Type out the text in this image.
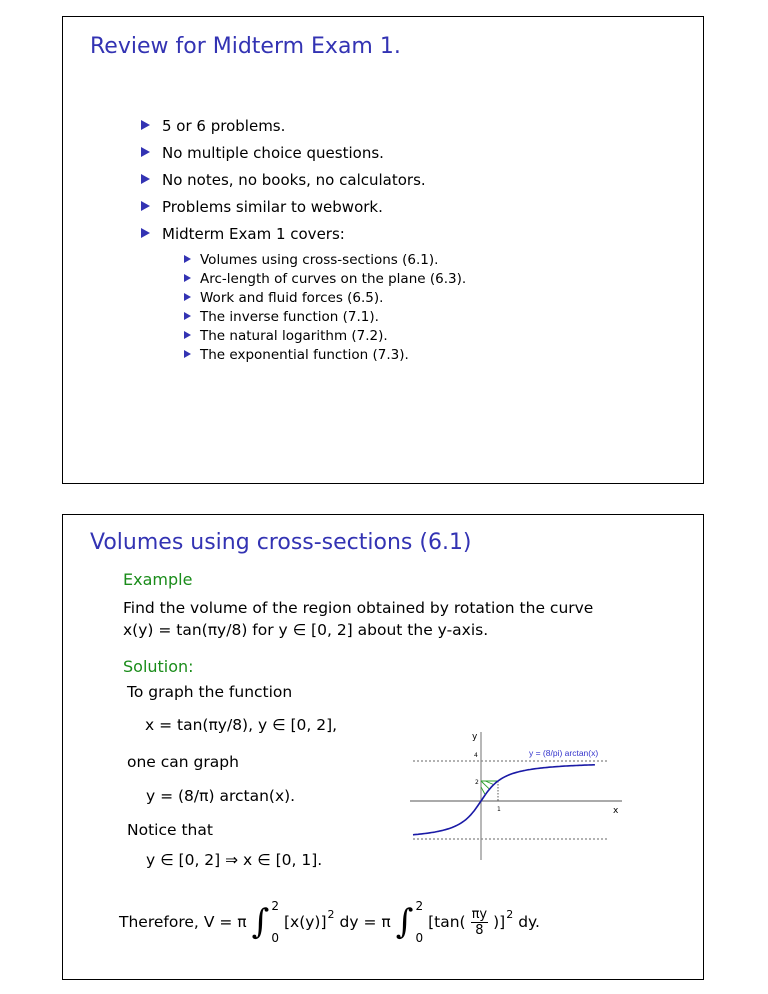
Review for Midterm Exam 1.
5 or 6 problems.
No multiple choice questions.
No notes, no books, no calculators.
Problems similar to webwork.
Midterm Exam 1 covers:
Volumes using cross-sections (6.1).
Arc-length of curves on the plane (6.3).
Work and fluid forces (6.5).
The inverse function (7.1).
The natural logarithm (7.2).
The exponential function (7.3).
Volumes using cross-sections (6.1)
Example
Find the volume of the region obtained by rotation the curve
x(y) = tan(πy/8) for y ∈ [0, 2] about the y-axis.
Solution:
To graph the function
x = tan(πy/8), y ∈ [0, 2],
one can graph
y = (8/π) arctan(x).
Notice that
y ∈ [0, 2] ⇒ x ∈ [0, 1].
Therefore, V = π ∫ 2
0
$[x(y)]^2$ dy = π ∫ 2
0
$[\tan( \frac{\pi y}{8} )]^2$ dy.
y
x
4
2
1
y = (8/pi) arctan(x)
